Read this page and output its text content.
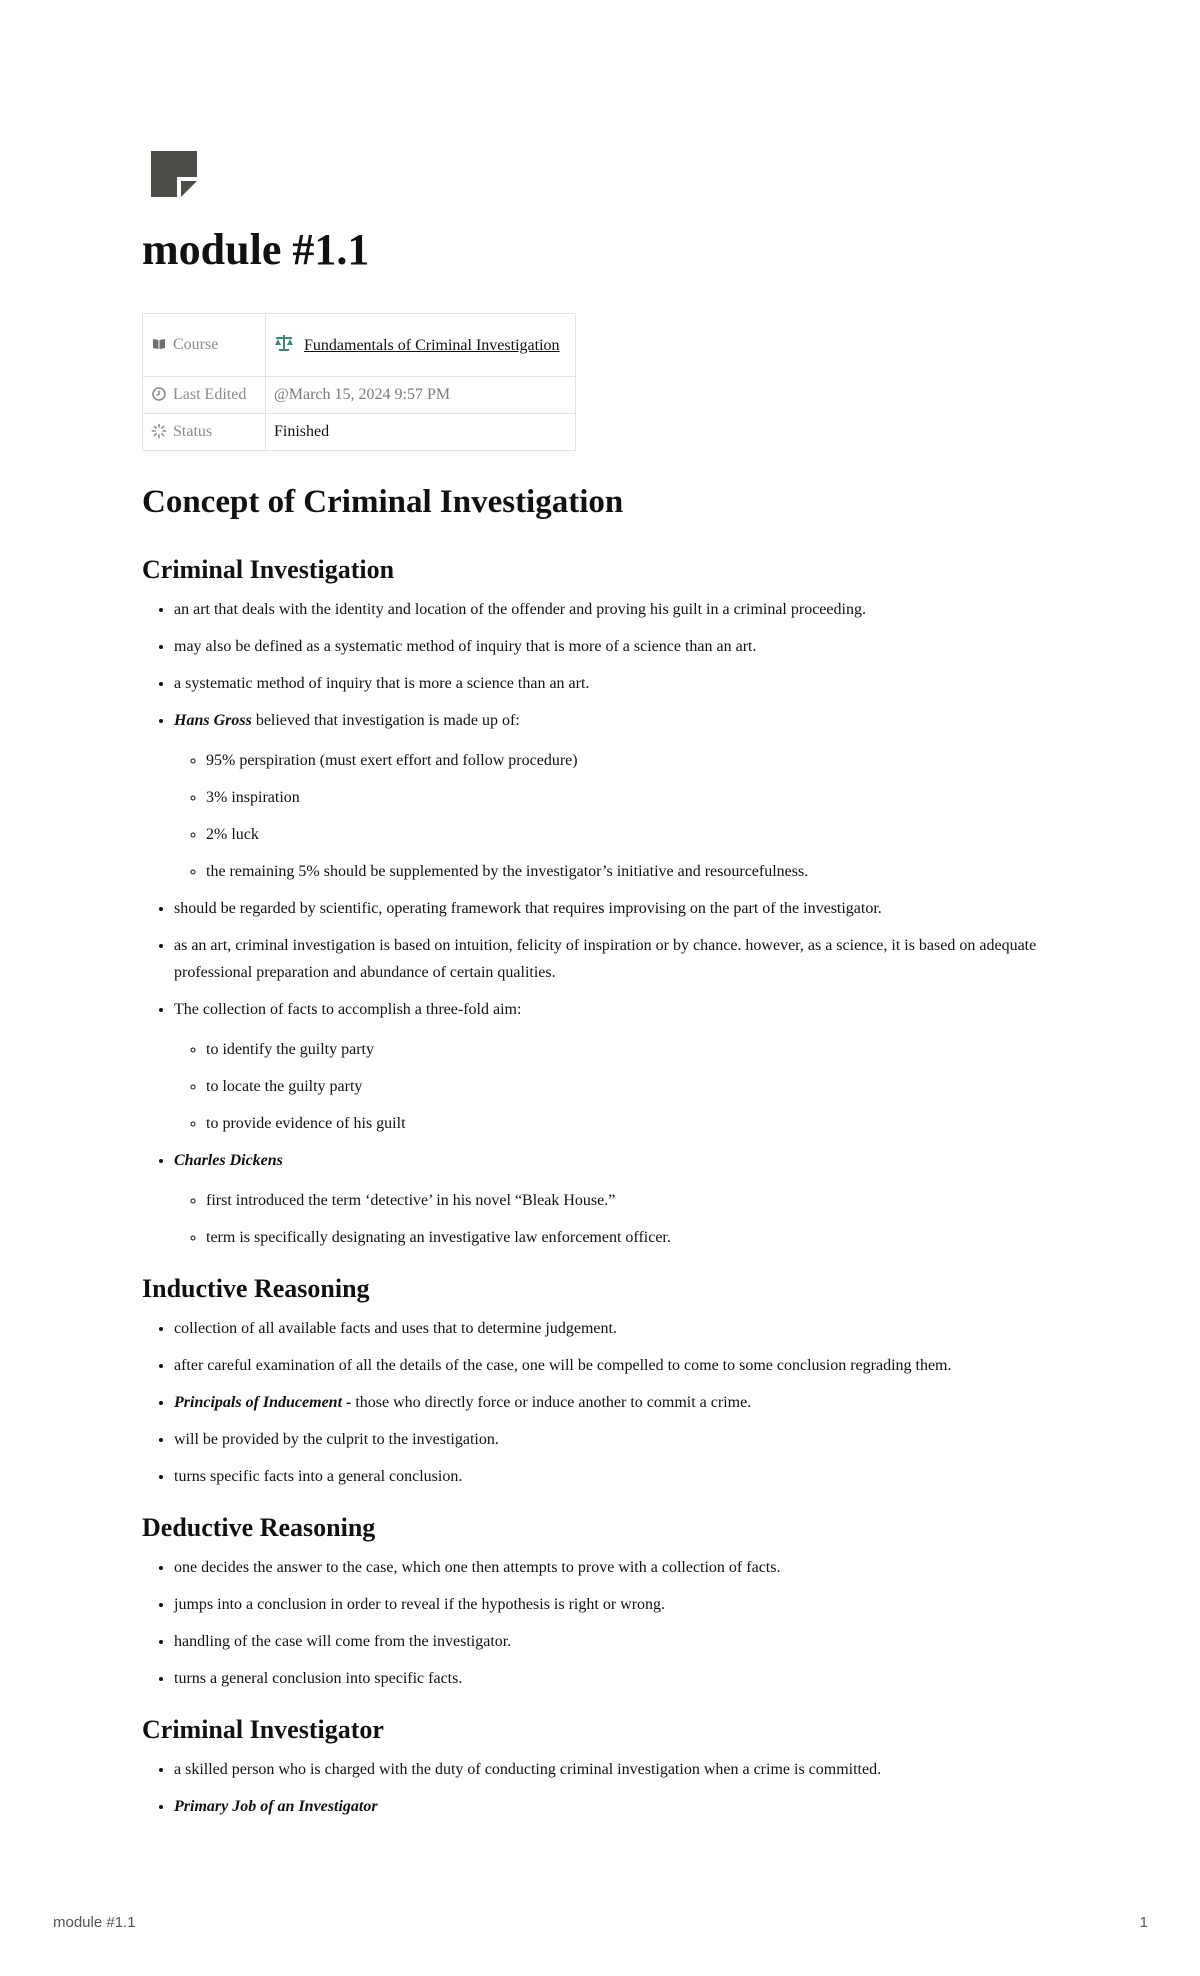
module #1.1
Course	Fundamentals of Criminal Investigation
Last Edited	@March 15, 2024 9:57 PM
Status	Finished
Concept of Criminal Investigation
Criminal Investigation
• an art that deals with the identity and location of the offender and proving his guilt in a criminal proceeding.
• may also be defined as a systematic method of inquiry that is more of a science than an art.
• a systematic method of inquiry that is more a science than an art.
• Hans Gross believed that investigation is made up of:
◦ 95% perspiration (must exert effort and follow procedure)
◦ 3% inspiration
◦ 2% luck
◦ the remaining 5% should be supplemented by the investigator’s initiative and resourcefulness.
• should be regarded by scientific, operating framework that requires improvising on the part of the investigator.
• as an art, criminal investigation is based on intuition, felicity of inspiration or by chance. however, as a science, it is based on adequate professional preparation and abundance of certain qualities.
• The collection of facts to accomplish a three-fold aim:
◦ to identify the guilty party
◦ to locate the guilty party
◦ to provide evidence of his guilt
• Charles Dickens
◦ first introduced the term ‘detective’ in his novel “Bleak House.”
◦ term is specifically designating an investigative law enforcement officer.
Inductive Reasoning
• collection of all available facts and uses that to determine judgement.
• after careful examination of all the details of the case, one will be compelled to come to some conclusion regrading them.
• Principals of Inducement - those who directly force or induce another to commit a crime.
• will be provided by the culprit to the investigation.
• turns specific facts into a general conclusion.
Deductive Reasoning
• one decides the answer to the case, which one then attempts to prove with a collection of facts.
• jumps into a conclusion in order to reveal if the hypothesis is right or wrong.
• handling of the case will come from the investigator.
• turns a general conclusion into specific facts.
Criminal Investigator
• a skilled person who is charged with the duty of conducting criminal investigation when a crime is committed.
• Primary Job of an Investigator
module #1.1	1
